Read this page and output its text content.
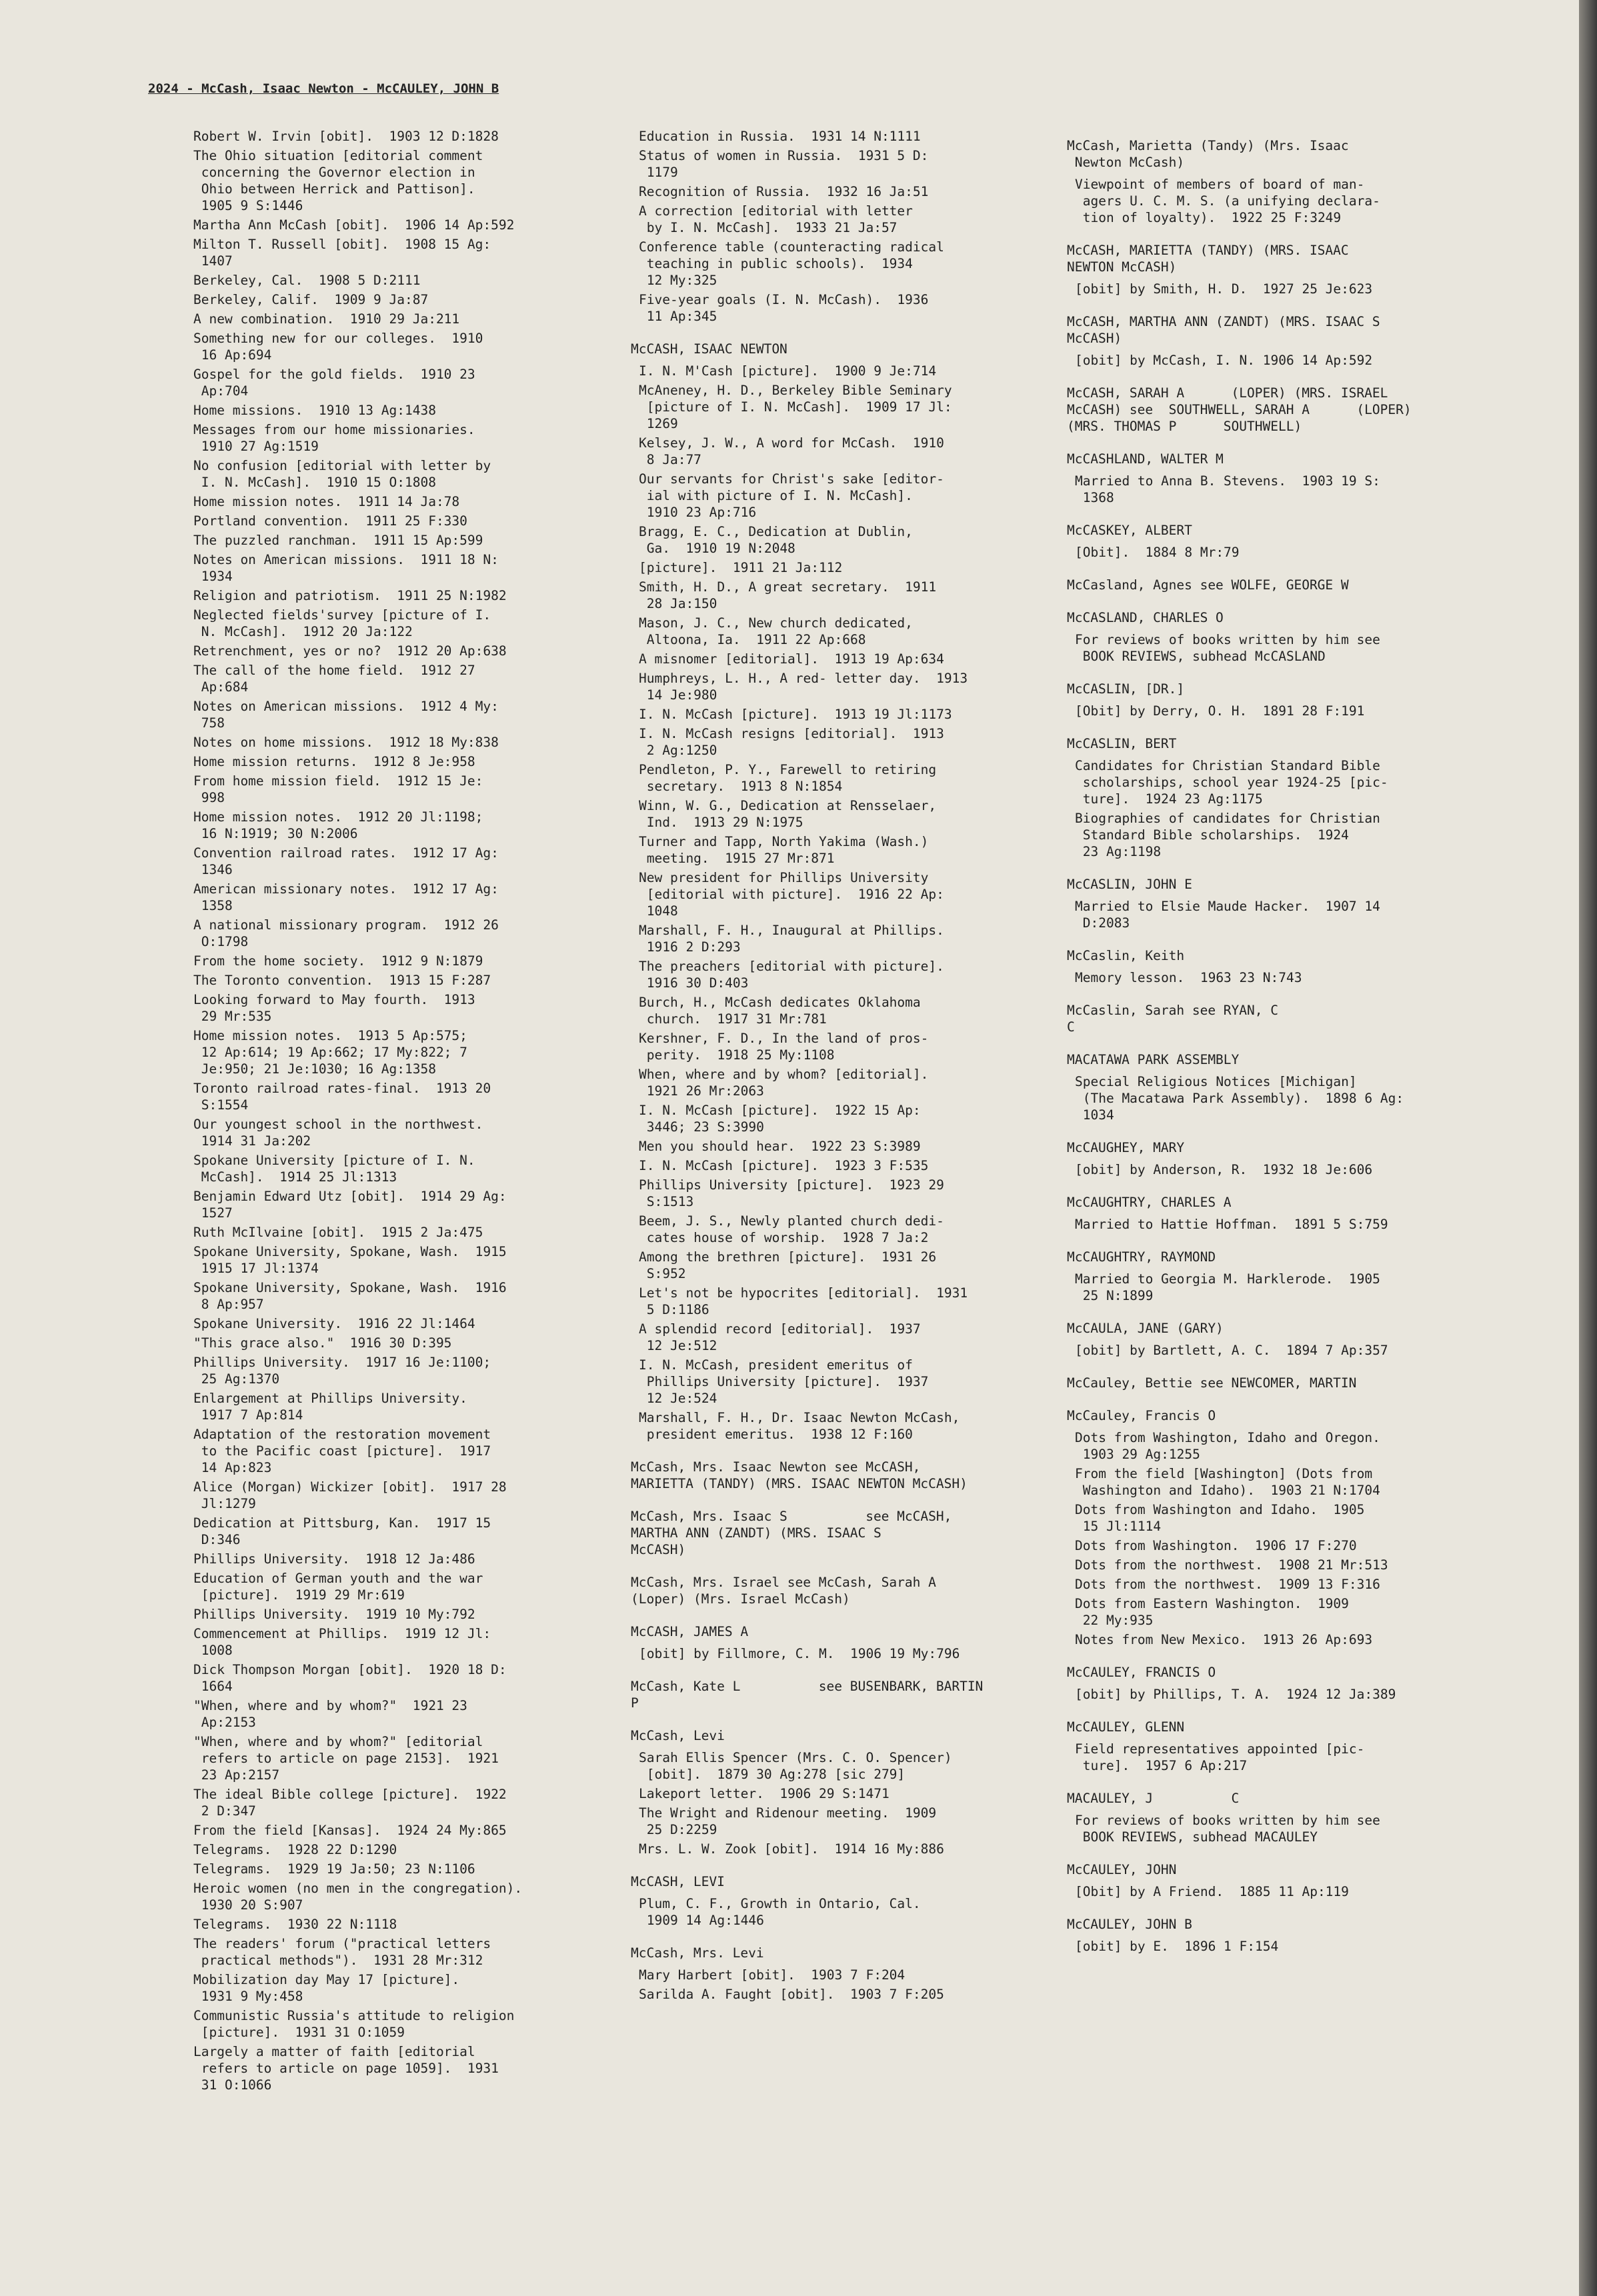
2024 - McCash, Isaac Newton - McCAULEY, JOHN B
Robert W. Irvin [obit].  1903 12 D:1828
The Ohio situation [editorial comment
concerning the Governor election in
Ohio between Herrick and Pattison].
1905 9 S:1446
Martha Ann McCash [obit].  1906 14 Ap:592
Milton T. Russell [obit].  1908 15 Ag:
1407
Berkeley, Cal.  1908 5 D:2111
Berkeley, Calif.  1909 9 Ja:87
A new combination.  1910 29 Ja:211
Something new for our colleges.  1910
16 Ap:694
Gospel for the gold fields.  1910 23
Ap:704
Home missions.  1910 13 Ag:1438
Messages from our home missionaries.
1910 27 Ag:1519
No confusion [editorial with letter by
I. N. McCash].  1910 15 O:1808
Home mission notes.  1911 14 Ja:78
Portland convention.  1911 25 F:330
The puzzled ranchman.  1911 15 Ap:599
Notes on American missions.  1911 18 N:
1934
Religion and patriotism.  1911 25 N:1982
Neglected fields'survey [picture of I.
N. McCash].  1912 20 Ja:122
Retrenchment, yes or no?  1912 20 Ap:638
The call of the home field.  1912 27
Ap:684
Notes on American missions.  1912 4 My:
758
Notes on home missions.  1912 18 My:838
Home mission returns.  1912 8 Je:958
From home mission field.  1912 15 Je:
998
Home mission notes.  1912 20 Jl:1198;
16 N:1919; 30 N:2006
Convention railroad rates.  1912 17 Ag:
1346
American missionary notes.  1912 17 Ag:
1358
A national missionary program.  1912 26
O:1798
From the home society.  1912 9 N:1879
The Toronto convention.  1913 15 F:287
Looking forward to May fourth.  1913
29 Mr:535
Home mission notes.  1913 5 Ap:575;
12 Ap:614; 19 Ap:662; 17 My:822; 7
Je:950; 21 Je:1030; 16 Ag:1358
Toronto railroad rates-final.  1913 20
S:1554
Our youngest school in the northwest.
1914 31 Ja:202
Spokane University [picture of I. N.
McCash].  1914 25 Jl:1313
Benjamin Edward Utz [obit].  1914 29 Ag:
1527
Ruth McIlvaine [obit].  1915 2 Ja:475
Spokane University, Spokane, Wash.  1915
1915 17 Jl:1374
Spokane University, Spokane, Wash.  1916
8 Ap:957
Spokane University.  1916 22 Jl:1464
"This grace also."  1916 30 D:395
Phillips University.  1917 16 Je:1100;
25 Ag:1370
Enlargement at Phillips University.
1917 7 Ap:814
Adaptation of the restoration movement
to the Pacific coast [picture].  1917
14 Ap:823
Alice (Morgan) Wickizer [obit].  1917 28
Jl:1279
Dedication at Pittsburg, Kan.  1917 15
D:346
Phillips University.  1918 12 Ja:486
Education of German youth and the war
[picture].  1919 29 Mr:619
Phillips University.  1919 10 My:792
Commencement at Phillips.  1919 12 Jl:
1008
Dick Thompson Morgan [obit].  1920 18 D:
1664
"When, where and by whom?"  1921 23
Ap:2153
"When, where and by whom?" [editorial
refers to article on page 2153].  1921
23 Ap:2157
The ideal Bible college [picture].  1922
2 D:347
From the field [Kansas].  1924 24 My:865
Telegrams.  1928 22 D:1290
Telegrams.  1929 19 Ja:50; 23 N:1106
Heroic women (no men in the congregation).
1930 20 S:907
Telegrams.  1930 22 N:1118
The readers' forum ("practical letters
practical methods").  1931 28 Mr:312
Mobilization day May 17 [picture].
1931 9 My:458
Communistic Russia's attitude to religion
[picture].  1931 31 O:1059
Largely a matter of faith [editorial
refers to article on page 1059].  1931
31 O:1066
Education in Russia.  1931 14 N:1111
Status of women in Russia.  1931 5 D:
1179
Recognition of Russia.  1932 16 Ja:51
A correction [editorial with letter
by I. N. McCash].  1933 21 Ja:57
Conference table (counteracting radical
teaching in public schools).  1934
12 My:325
Five-year goals (I. N. McCash).  1936
11 Ap:345
McCASH, ISAAC NEWTON
I. N. M'Cash [picture].  1900 9 Je:714
McAneney, H. D., Berkeley Bible Seminary
[picture of I. N. McCash].  1909 17 Jl:
1269
Kelsey, J. W., A word for McCash.  1910
8 Ja:77
Our servants for Christ's sake [editor-
ial with picture of I. N. McCash].
1910 23 Ap:716
Bragg, E. C., Dedication at Dublin,
Ga.  1910 19 N:2048
[picture].  1911 21 Ja:112
Smith, H. D., A great secretary.  1911
28 Ja:150
Mason, J. C., New church dedicated,
Altoona, Ia.  1911 22 Ap:668
A misnomer [editorial].  1913 19 Ap:634
Humphreys, L. H., A red- letter day.  1913
14 Je:980
I. N. McCash [picture].  1913 19 Jl:1173
I. N. McCash resigns [editorial].  1913
2 Ag:1250
Pendleton, P. Y., Farewell to retiring
secretary.  1913 8 N:1854
Winn, W. G., Dedication at Rensselaer,
Ind.  1913 29 N:1975
Turner and Tapp, North Yakima (Wash.)
meeting.  1915 27 Mr:871
New president for Phillips University
[editorial with picture].  1916 22 Ap:
1048
Marshall, F. H., Inaugural at Phillips.
1916 2 D:293
The preachers [editorial with picture].
1916 30 D:403
Burch, H., McCash dedicates Oklahoma
church.  1917 31 Mr:781
Kershner, F. D., In the land of pros-
perity.  1918 25 My:1108
When, where and by whom? [editorial].
1921 26 Mr:2063
I. N. McCash [picture].  1922 15 Ap:
3446; 23 S:3990
Men you should hear.  1922 23 S:3989
I. N. McCash [picture].  1923 3 F:535
Phillips University [picture].  1923 29
S:1513
Beem, J. S., Newly planted church dedi-
cates house of worship.  1928 7 Ja:2
Among the brethren [picture].  1931 26
S:952
Let's not be hypocrites [editorial].  1931
5 D:1186
A splendid record [editorial].  1937
12 Je:512
I. N. McCash, president emeritus of
Phillips University [picture].  1937
12 Je:524
Marshall, F. H., Dr. Isaac Newton McCash,
president emeritus.  1938 12 F:160
McCash, Mrs. Isaac Newton see McCASH,
MARIETTA (TANDY) (MRS. ISAAC NEWTON McCASH)
McCash, Mrs. Isaac S          see McCASH,
MARTHA ANN (ZANDT) (MRS. ISAAC S
McCASH)
McCash, Mrs. Israel see McCash, Sarah A
(Loper) (Mrs. Israel McCash)
McCASH, JAMES A
[obit] by Fillmore, C. M.  1906 19 My:796
McCash, Kate L          see BUSENBARK, BARTIN
P
McCash, Levi
Sarah Ellis Spencer (Mrs. C. O. Spencer)
[obit].  1879 30 Ag:278 [sic 279]
Lakeport letter.  1906 29 S:1471
The Wright and Ridenour meeting.  1909
25 D:2259
Mrs. L. W. Zook [obit].  1914 16 My:886
McCASH, LEVI
Plum, C. F., Growth in Ontario, Cal.
1909 14 Ag:1446
McCash, Mrs. Levi
Mary Harbert [obit].  1903 7 F:204
Sarilda A. Faught [obit].  1903 7 F:205
McCash, Marietta (Tandy) (Mrs. Isaac
Newton McCash)
Viewpoint of members of board of man-
agers U. C. M. S. (a unifying declara-
tion of loyalty).  1922 25 F:3249
McCASH, MARIETTA (TANDY) (MRS. ISAAC
NEWTON McCASH)
[obit] by Smith, H. D.  1927 25 Je:623
McCASH, MARTHA ANN (ZANDT) (MRS. ISAAC S
McCASH)
[obit] by McCash, I. N. 1906 14 Ap:592
McCASH, SARAH A      (LOPER) (MRS. ISRAEL
McCASH) see  SOUTHWELL, SARAH A      (LOPER)
(MRS. THOMAS P      SOUTHWELL)
McCASHLAND, WALTER M
Married to Anna B. Stevens.  1903 19 S:
1368
McCASKEY, ALBERT
[Obit].  1884 8 Mr:79
McCasland, Agnes see WOLFE, GEORGE W
McCASLAND, CHARLES O
For reviews of books written by him see
BOOK REVIEWS, subhead McCASLAND
McCASLIN, [DR.]
[Obit] by Derry, O. H.  1891 28 F:191
McCASLIN, BERT
Candidates for Christian Standard Bible
scholarships, school year 1924-25 [pic-
ture].  1924 23 Ag:1175
Biographies of candidates for Christian
Standard Bible scholarships.  1924
23 Ag:1198
McCASLIN, JOHN E
Married to Elsie Maude Hacker.  1907 14
D:2083
McCaslin, Keith
Memory lesson.  1963 23 N:743
McCaslin, Sarah see RYAN, C
C
MACATAWA PARK ASSEMBLY
Special Religious Notices [Michigan]
(The Macatawa Park Assembly).  1898 6 Ag:
1034
McCAUGHEY, MARY
[obit] by Anderson, R.  1932 18 Je:606
McCAUGHTRY, CHARLES A
Married to Hattie Hoffman.  1891 5 S:759
McCAUGHTRY, RAYMOND
Married to Georgia M. Harklerode.  1905
25 N:1899
McCAULA, JANE (GARY)
[obit] by Bartlett, A. C.  1894 7 Ap:357
McCauley, Bettie see NEWCOMER, MARTIN
McCauley, Francis O
Dots from Washington, Idaho and Oregon.
1903 29 Ag:1255
From the field [Washington] (Dots from
Washington and Idaho).  1903 21 N:1704
Dots from Washington and Idaho.  1905
15 Jl:1114
Dots from Washington.  1906 17 F:270
Dots from the northwest.  1908 21 Mr:513
Dots from the northwest.  1909 13 F:316
Dots from Eastern Washington.  1909
22 My:935
Notes from New Mexico.  1913 26 Ap:693
McCAULEY, FRANCIS O
[obit] by Phillips, T. A.  1924 12 Ja:389
McCAULEY, GLENN
Field representatives appointed [pic-
ture].  1957 6 Ap:217
MACAULEY, J          C
For reviews of books written by him see
BOOK REVIEWS, subhead MACAULEY
McCAULEY, JOHN
[Obit] by A Friend.  1885 11 Ap:119
McCAULEY, JOHN B
[obit] by E.  1896 1 F:154
